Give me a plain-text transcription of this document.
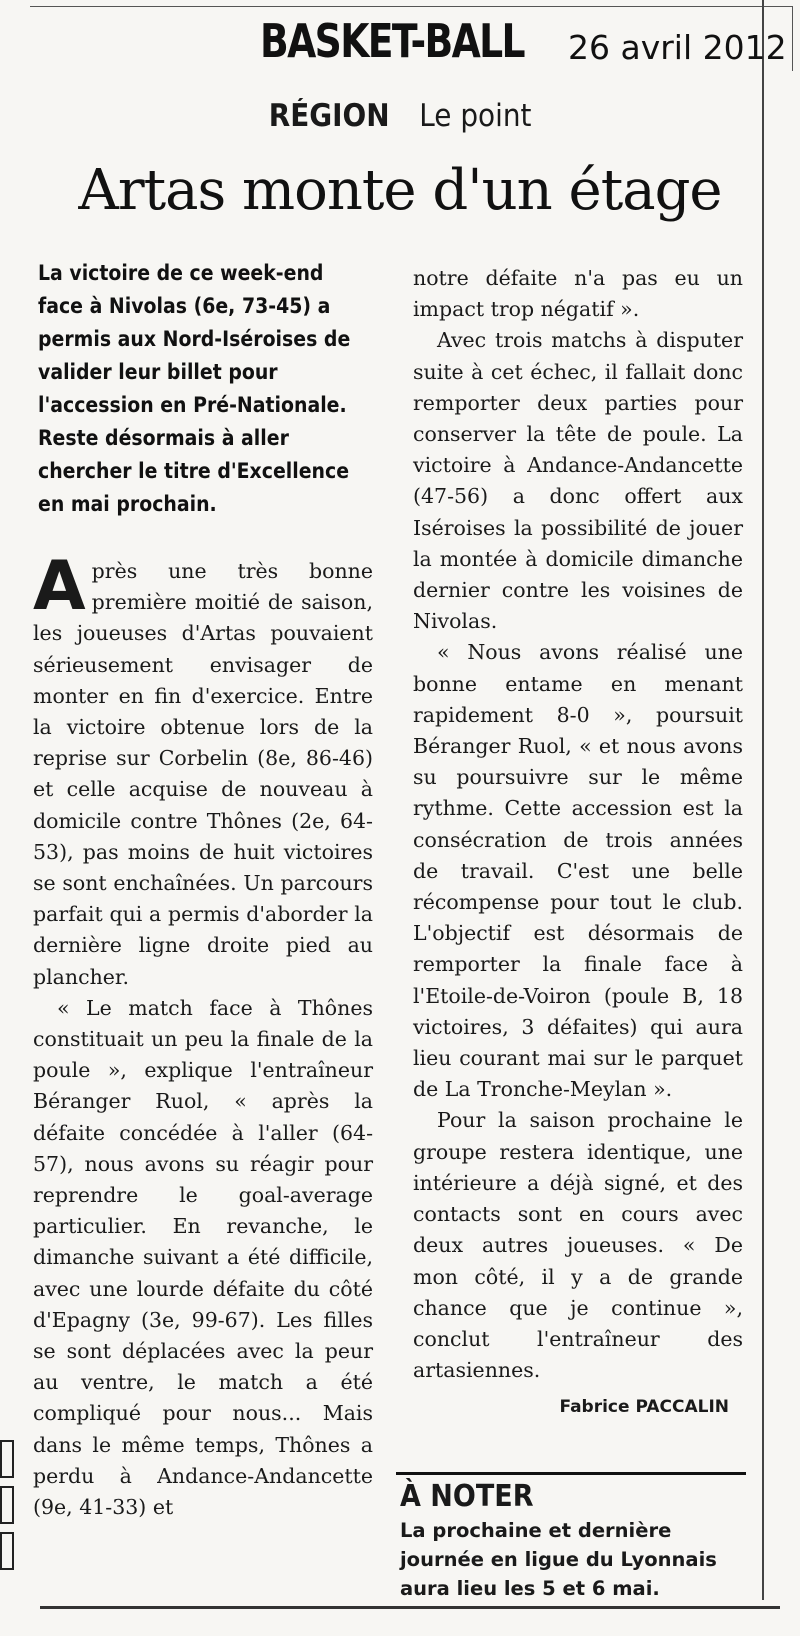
BASKET-BALL 26 avril 2012
RÉGION Le point
Artas monte d'un étage
La victoire de ce week-end
face à Nivolas (6e, 73-45) a
permis aux Nord-Iséroises de
valider leur billet pour
l'accession en Pré-Nationale.
Reste désormais à aller
chercher le titre d'Excellence
en mai prochain.

Après une très bonne première moitié de saison, les joueuses d'Artas pouvaient sérieusement envisager de monter en fin d'exercice. Entre la victoire obtenue lors de la reprise sur Corbelin (8e, 86-46) et celle acquise de nouveau à domicile contre Thônes (2e, 64-53), pas moins de huit victoires se sont enchaînées. Un parcours parfait qui a permis d'aborder la dernière ligne droite pied au plancher.

« Le match face à Thônes constituait un peu la finale de la poule », explique l'entraîneur Béranger Ruol, « après la défaite concédée à l'aller (64-57), nous avons su réagir pour reprendre le goal-average particulier. En revanche, le dimanche suivant a été difficile, avec une lourde défaite du côté d'Epagny (3e, 99-67). Les filles se sont déplacées avec la peur au ventre, le match a été compliqué pour nous... Mais dans le même temps, Thônes a perdu à Andance-Andancette (9e, 41-33) et

notre défaite n'a pas eu un impact trop négatif ».

Avec trois matchs à disputer suite à cet échec, il fallait donc remporter deux parties pour conserver la tête de poule. La victoire à Andance-Andancette (47-56) a donc offert aux Iséroises la possibilité de jouer la montée à domicile dimanche dernier contre les voisines de Nivolas.

« Nous avons réalisé une bonne entame en menant rapidement 8-0 », poursuit Béranger Ruol, « et nous avons su poursuivre sur le même rythme. Cette accession est la consécration de trois années de travail. C'est une belle récompense pour tout le club. L'objectif est désormais de remporter la finale face à l'Etoile-de-Voiron (poule B, 18 victoires, 3 défaites) qui aura lieu courant mai sur le parquet de La Tronche-Meylan ».

Pour la saison prochaine le groupe restera identique, une intérieure a déjà signé, et des contacts sont en cours avec deux autres joueuses. « De mon côté, il y a de grande chance que je continue », conclut l'entraîneur des artasiennes.

Fabrice PACCALIN
À NOTER
La prochaine et dernière journée en ligue du Lyonnais aura lieu les 5 et 6 mai.
